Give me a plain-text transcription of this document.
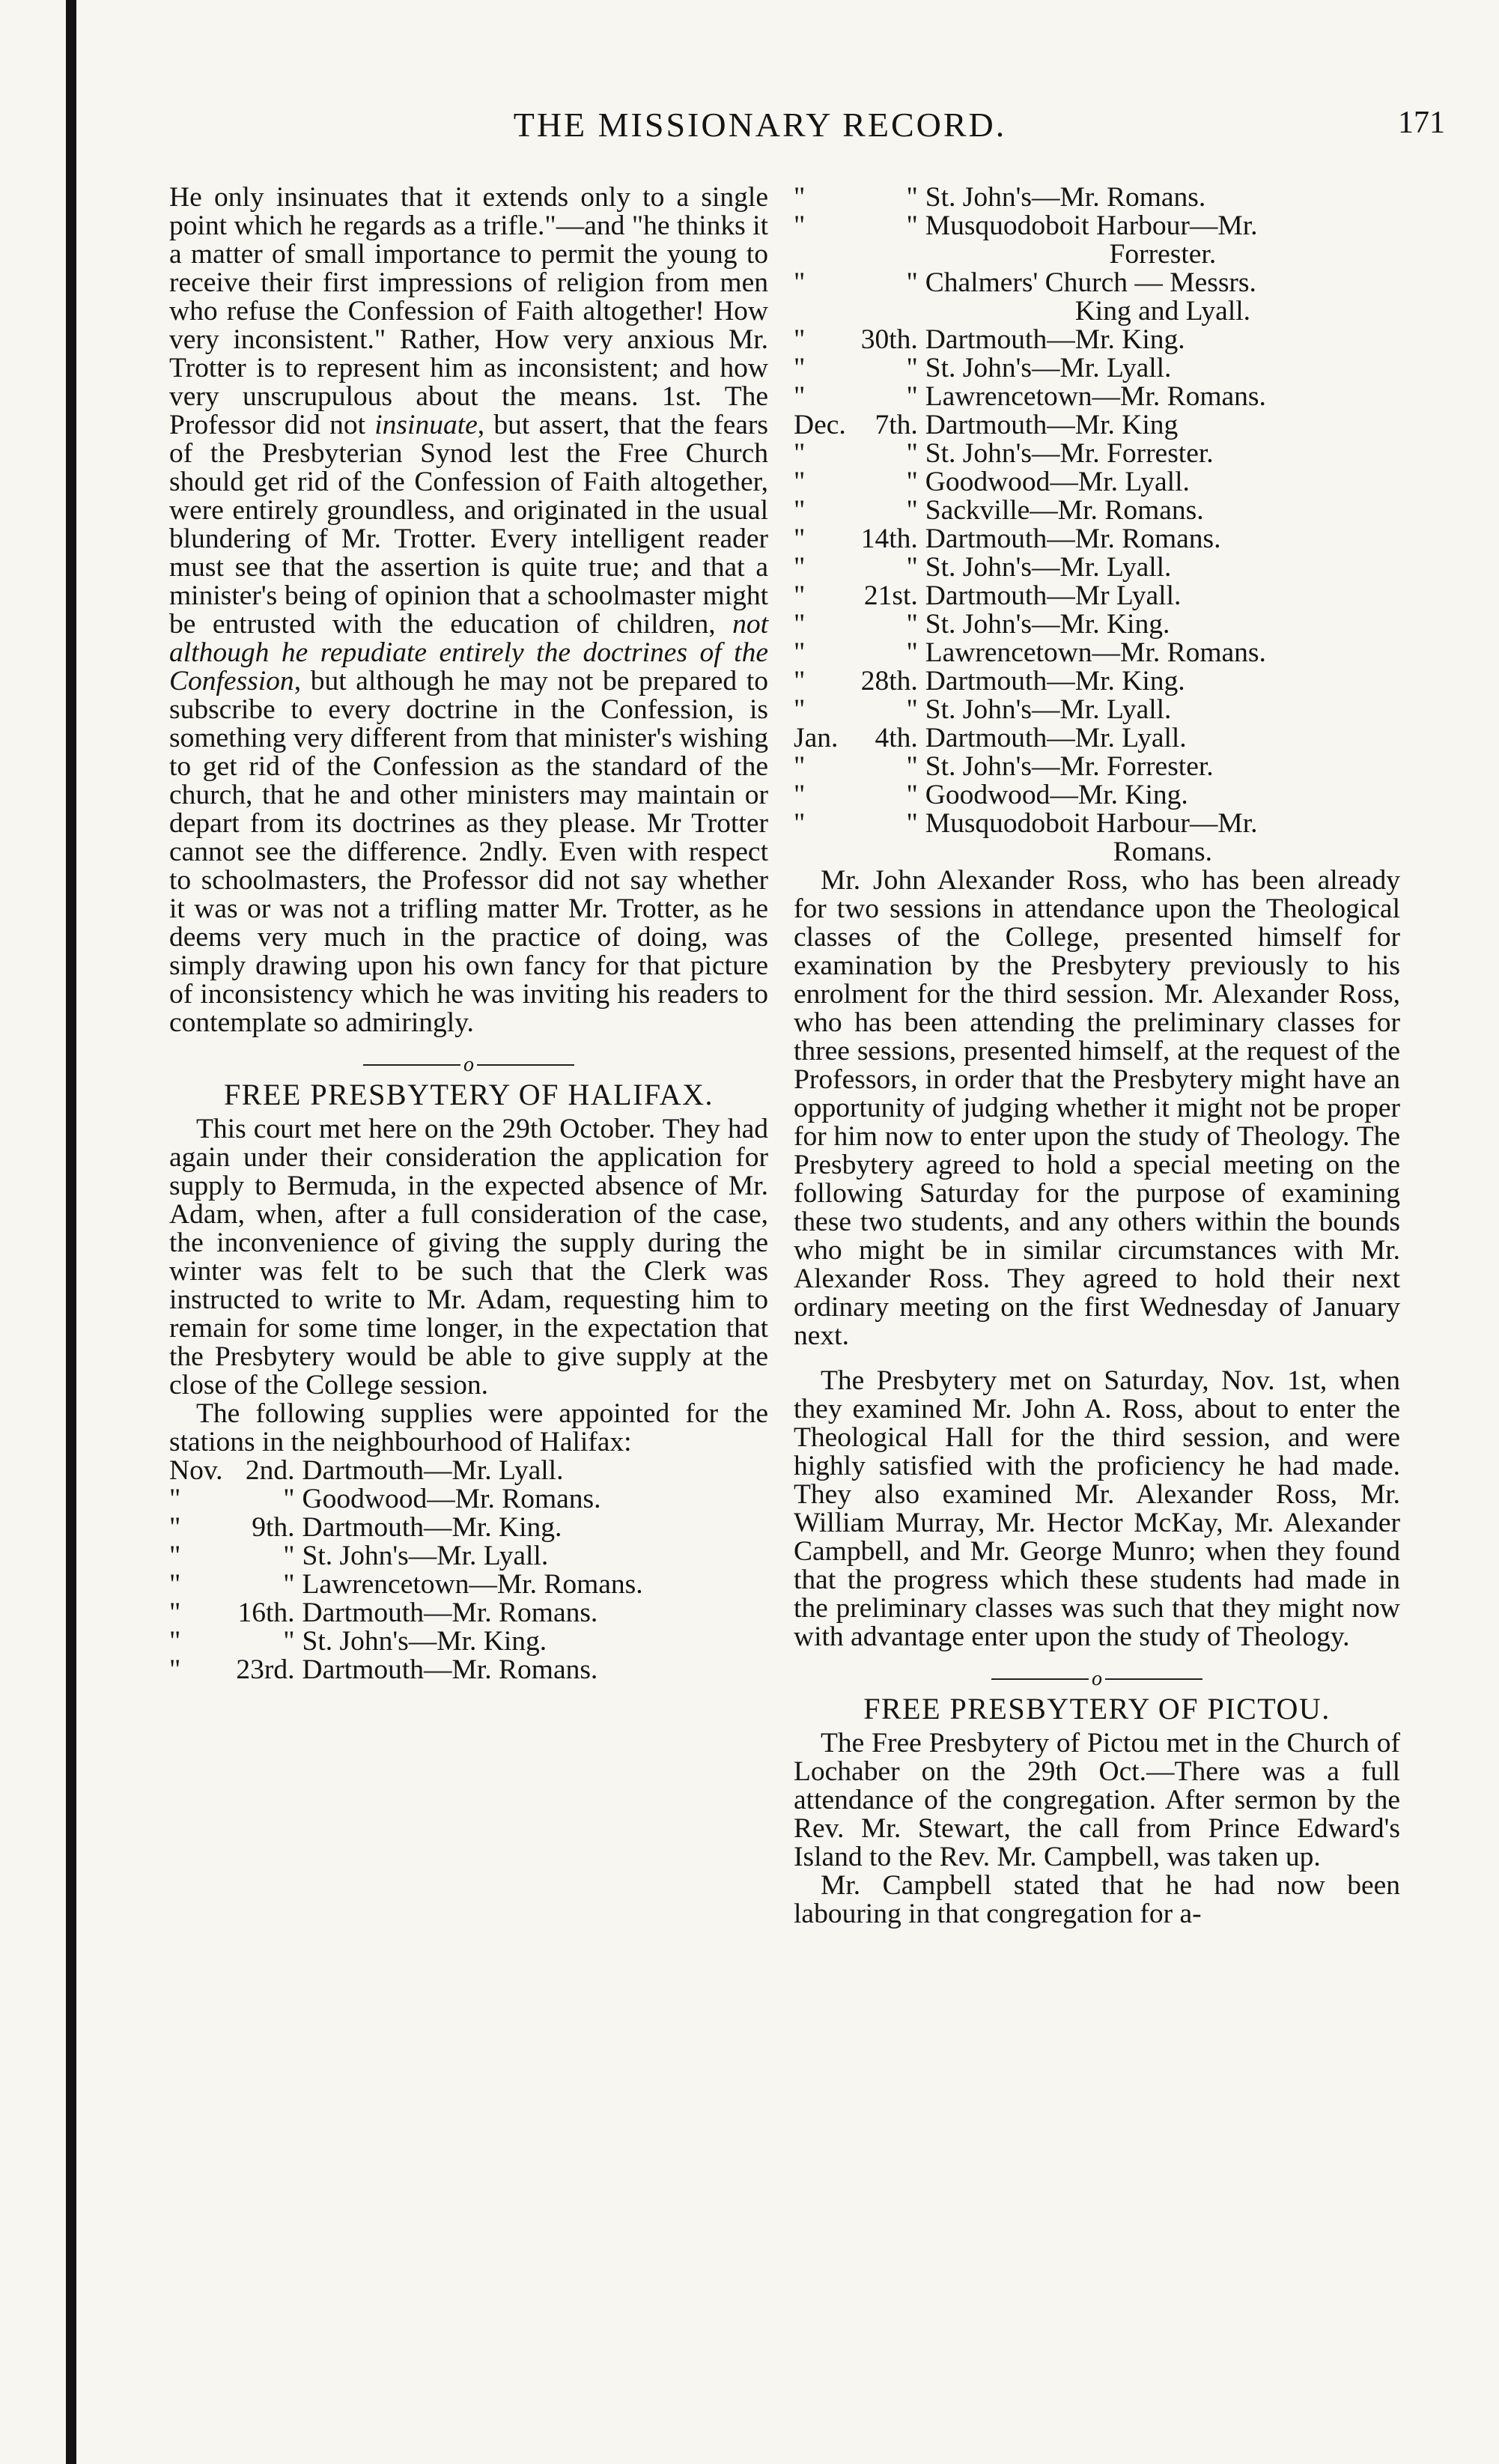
THE MISSIONARY RECORD.	171

He only insinuates that it extends only to a single point which he regards as a trifle."—and "he thinks it a matter of small importance to permit the young to receive their first impressions of religion from men who refuse the Confession of Faith altogether! How very inconsistent." Rather, How very anxious Mr. Trotter is to represent him as inconsistent; and how very unscrupulous about the means. 1st. The Professor did not insinuate, but assert, that the fears of the Presbyterian Synod lest the Free Church should get rid of the Confession of Faith altogether, were entirely groundless, and originated in the usual blundering of Mr. Trotter. Every intelligent reader must see that the assertion is quite true; and that a minister's being of opinion that a schoolmaster might be entrusted with the education of children, not although he repudiate entirely the doctrines of the Confession, but although he may not be prepared to subscribe to every doctrine in the Confession, is something very different from that minister's wishing to get rid of the Confession as the standard of the church, that he and other ministers may maintain or depart from its doctrines as they please. Mr Trotter cannot see the difference. 2ndly. Even with respect to schoolmasters, the Professor did not say whether it was or was not a trifling matter Mr. Trotter, as he deems very much in the practice of doing, was simply drawing upon his own fancy for that picture of inconsistency which he was inviting his readers to contemplate so admiringly.

o
FREE PRESBYTERY OF HALIFAX.

This court met here on the 29th October. They had again under their consideration the application for supply to Bermuda, in the expected absence of Mr. Adam, when, after a full consideration of the case, the inconvenience of giving the supply during the winter was felt to be such that the Clerk was instructed to write to Mr. Adam, requesting him to remain for some time longer, in the expectation that the Presbytery would be able to give supply at the close of the College session.

The following supplies were appointed for the stations in the neighbourhood of Halifax:

Nov.	2nd.	Dartmouth—Mr. Lyall.
"	"	Goodwood—Mr. Romans.
"	9th.	Dartmouth—Mr. King.
"	"	St. John's—Mr. Lyall.
"	"	Lawrencetown—Mr. Romans.
"	16th.	Dartmouth—Mr. Romans.
"	"	St. John's—Mr. King.
"	23rd.	Dartmouth—Mr. Romans.
"	"	St. John's—Mr. Romans.
"	"	Musquodoboit Harbour—Mr.
		Forrester.
"	"	Chalmers' Church — Messrs.
		King and Lyall.
"	30th.	Dartmouth—Mr. King.
"	"	St. John's—Mr. Lyall.
"	"	Lawrencetown—Mr. Romans.
Dec.	7th.	Dartmouth—Mr. King
"	"	St. John's—Mr. Forrester.
"	"	Goodwood—Mr. Lyall.
"	"	Sackville—Mr. Romans.
"	14th.	Dartmouth—Mr. Romans.
"	"	St. John's—Mr. Lyall.
"	21st.	Dartmouth—Mr Lyall.
"	"	St. John's—Mr. King.
"	"	Lawrencetown—Mr. Romans.
"	28th.	Dartmouth—Mr. King.
"	"	St. John's—Mr. Lyall.
Jan.	4th.	Dartmouth—Mr. Lyall.
"	"	St. John's—Mr. Forrester.
"	"	Goodwood—Mr. King.
"	"	Musquodoboit Harbour—Mr.
		Romans.

Mr. John Alexander Ross, who has been already for two sessions in attendance upon the Theological classes of the College, presented himself for examination by the Presbytery previously to his enrolment for the third session. Mr. Alexander Ross, who has been attending the preliminary classes for three sessions, presented himself, at the request of the Professors, in order that the Presbytery might have an opportunity of judging whether it might not be proper for him now to enter upon the study of Theology. The Presbytery agreed to hold a special meeting on the following Saturday for the purpose of examining these two students, and any others within the bounds who might be in similar circumstances with Mr. Alexander Ross. They agreed to hold their next ordinary meeting on the first Wednesday of January next.

The Presbytery met on Saturday, Nov. 1st, when they examined Mr. John A. Ross, about to enter the Theological Hall for the third session, and were highly satisfied with the proficiency he had made. They also examined Mr. Alexander Ross, Mr. William Murray, Mr. Hector McKay, Mr. Alexander Campbell, and Mr. George Munro; when they found that the progress which these students had made in the preliminary classes was such that they might now with advantage enter upon the study of Theology.

o
FREE PRESBYTERY OF PICTOU.

The Free Presbytery of Pictou met in the Church of Lochaber on the 29th Oct.—There was a full attendance of the congregation. After sermon by the Rev. Mr. Stewart, the call from Prince Edward's Island to the Rev. Mr. Campbell, was taken up.

Mr. Campbell stated that he had now been labouring in that congregation for a-
